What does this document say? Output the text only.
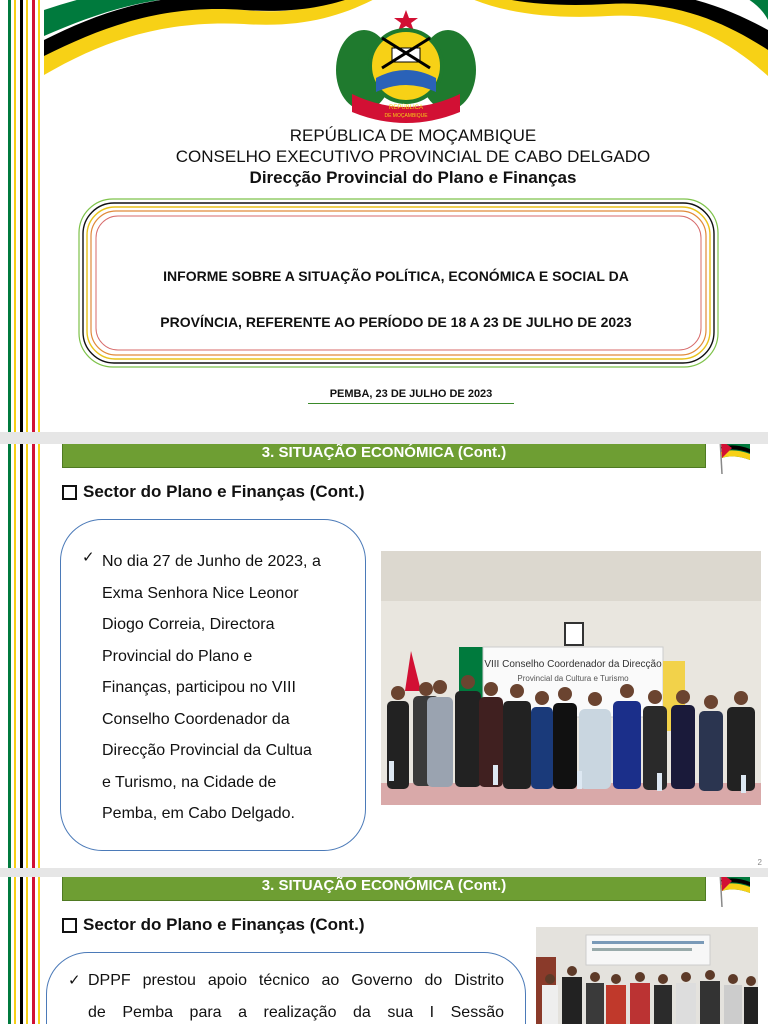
REPÚBLICA
DE MOÇAMBIQUE
REPÚBLICA DE MOÇAMBIQUE
CONSELHO EXECUTIVO PROVINCIAL DE CABO DELGADO
Direcção Provincial do Plano e Finanças
INFORME SOBRE A SITUAÇÃO POLÍTICA, ECONÓMICA E SOCIAL DA
PROVÍNCIA, REFERENTE AO PERÍODO DE 18 A 23 DE JULHO DE 2023
PEMBA, 23 DE JULHO DE 2023
3. SITUAÇÃO ECONÓMICA (Cont.)
Sector do Plano e Finanças (Cont.)
✓ No dia 27 de Junho de 2023, a
Exma Senhora Nice Leonor
Diogo Correia, Directora
Provincial do Plano e
Finanças, participou no VIII
Conselho Coordenador da
Direcção Provincial da Cultua
e Turismo, na Cidade de
Pemba, em Cabo Delgado.
VIII Conselho Coordenador da Direcção
Provincial da Cultura e Turismo
2
3. SITUAÇÃO ECONÓMICA (Cont.)
Sector do Plano e Finanças (Cont.)
✓ DPPF prestou apoio técnico ao Governo do Distrito
de Pemba para a realização da sua I Sessão
